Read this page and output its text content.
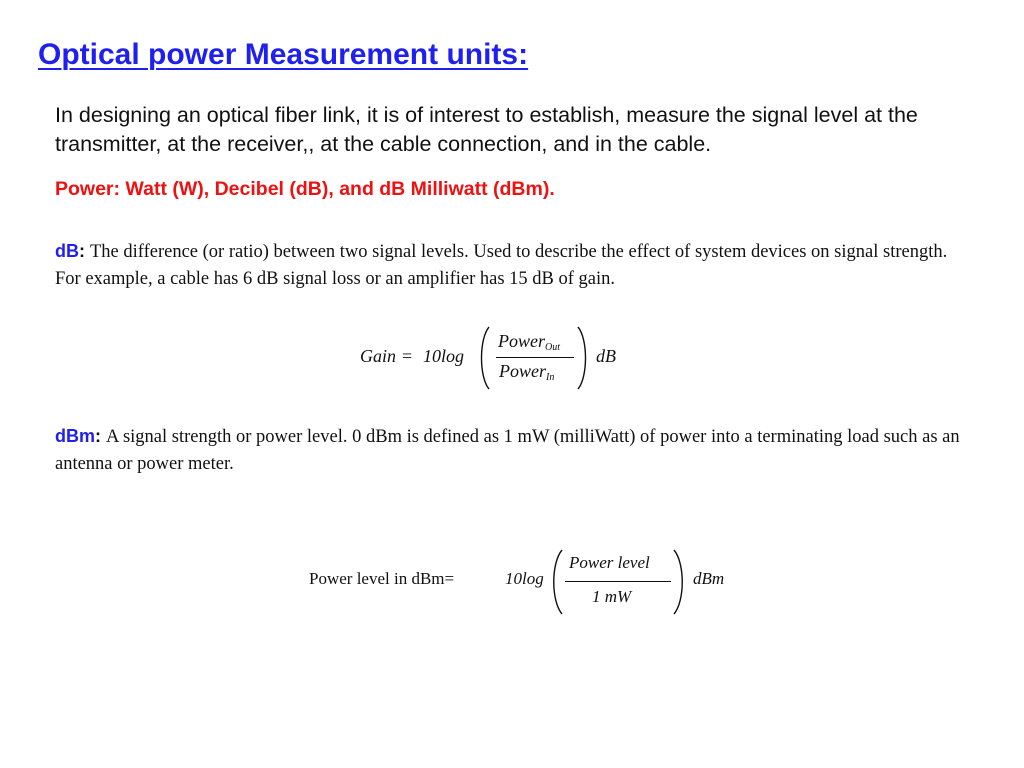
Optical power Measurement units:

In designing an optical fiber link, it is of interest to establish, measure the signal level at the transmitter, at the receiver,, at the cable connection, and in the cable.

Power: Watt (W), Decibel (dB), and dB Milliwatt (dBm).

dB: The difference (or ratio) between two signal levels. Used to describe the effect of system devices on signal strength. For example, a cable has 6 dB signal loss or an amplifier has 15 dB of gain.

Gain = 10log
Power$_{Out}$
Power$_{In}$
dB

dBm: A signal strength or power level. 0 dBm is defined as 1 mW (milliWatt) of power into a terminating load such as an antenna or power meter.

Power level in dBm=	10log
Power level
1 mW
dBm
